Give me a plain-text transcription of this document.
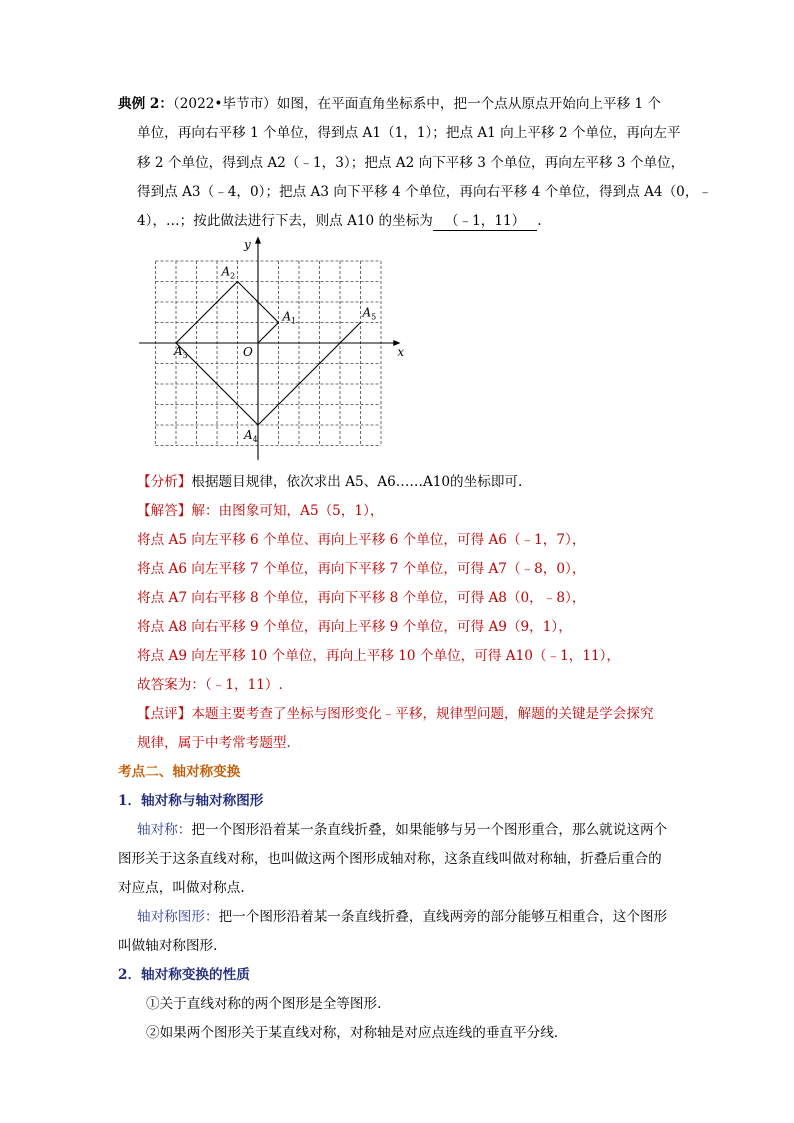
典例 2：（2022•毕节市）如图，在平面直角坐标系中，把一个点从原点开始向上平移 1 个
单位，再向右平移 1 个单位，得到点 A1（1，1）；把点 A1 向上平移 2 个单位，再向左平
移 2 个单位，得到点 A2（﹣1，3）；把点 A2 向下平移 3 个单位，再向左平移 3 个单位，
得到点 A3（﹣4，0）；把点 A3 向下平移 4 个单位，再向右平移 4 个单位，得到点 A4（0，﹣
4），…；按此做法进行下去，则点 A10 的坐标为 （﹣1，11） .
x
y
O
$A_1$
$A_2$
$A_3$
$A_4$
$A_5$
【分析】根据题目规律，依次求出 A5、A6……A10的坐标即可.
【解答】解：由图象可知，A5（5，1），
将点 A5 向左平移 6 个单位、再向上平移 6 个单位，可得 A6（﹣1，7），
将点 A6 向左平移 7 个单位，再向下平移 7 个单位，可得 A7（﹣8，0），
将点 A7 向右平移 8 个单位，再向下平移 8 个单位，可得 A8（0，﹣8），
将点 A8 向右平移 9 个单位，再向上平移 9 个单位，可得 A9（9，1），
将点 A9 向左平移 10 个单位，再向上平移 10 个单位，可得 A10（﹣1，11），
故答案为：（﹣1，11）.
【点评】本题主要考查了坐标与图形变化﹣平移，规律型问题，解题的关键是学会探究
规律，属于中考常考题型.
考点二、轴对称变换
1．轴对称与轴对称图形
轴对称：把一个图形沿着某一条直线折叠，如果能够与另一个图形重合，那么就说这两个
图形关于这条直线对称，也叫做这两个图形成轴对称，这条直线叫做对称轴，折叠后重合的
对应点，叫做对称点.
轴对称图形：把一个图形沿着某一条直线折叠，直线两旁的部分能够互相重合，这个图形
叫做轴对称图形.
2．轴对称变换的性质
①关于直线对称的两个图形是全等图形.
②如果两个图形关于某直线对称，对称轴是对应点连线的垂直平分线.
